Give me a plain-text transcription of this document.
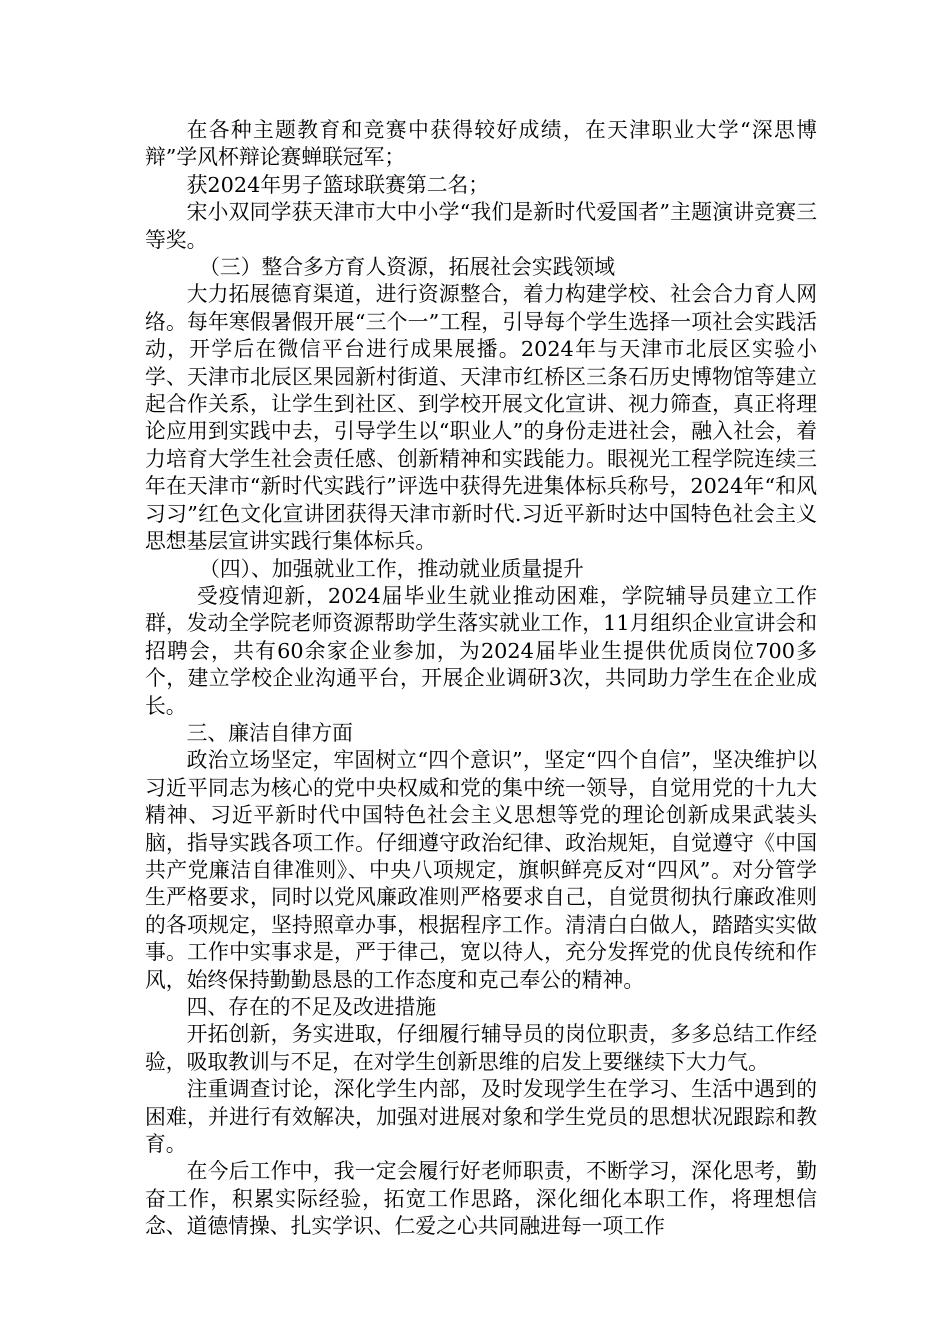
在各种主题教育和竞赛中获得较好成绩，在天津职业大学“深思博辩”学风杯辩论赛蝉联冠军；

获2024年男子篮球联赛第二名；

宋小双同学获天津市大中小学“我们是新时代爱国者”主题演讲竞赛三等奖。

（三）整合多方育人资源，拓展社会实践领域

大力拓展德育渠道，进行资源整合，着力构建学校、社会合力育人网络。每年寒假暑假开展“三个一”工程，引导每个学生选择一项社会实践活动，开学后在微信平台进行成果展播。2024年与天津市北辰区实验小学、天津市北辰区果园新村街道、天津市红桥区三条石历史博物馆等建立起合作关系，让学生到社区、到学校开展文化宣讲、视力筛查，真正将理论应用到实践中去，引导学生以“职业人”的身份走进社会，融入社会，着力培育大学生社会责任感、创新精神和实践能力。眼视光工程学院连续三年在天津市“新时代实践行”评选中获得先进集体标兵称号，2024年“和风习习”红色文化宣讲团获得天津市新时代.习近平新时达中国特色社会主义思想基层宣讲实践行集体标兵。

（四）、加强就业工作，推动就业质量提升

受疫情迎新，2024届毕业生就业推动困难，学院辅导员建立工作群，发动全学院老师资源帮助学生落实就业工作，11月组织企业宣讲会和招聘会，共有60余家企业参加，为2024届毕业生提供优质岗位700多个，建立学校企业沟通平台，开展企业调研3次，共同助力学生在企业成长。

三、廉洁自律方面

政治立场坚定，牢固树立“四个意识”，坚定“四个自信”，坚决维护以习近平同志为核心的党中央权威和党的集中统一领导，自觉用党的十九大精神、习近平新时代中国特色社会主义思想等党的理论创新成果武装头脑，指导实践各项工作。仔细遵守政治纪律、政治规矩，自觉遵守《中国共产党廉洁自律准则》、中央八项规定，旗帜鲜亮反对“四风”。对分管学生严格要求，同时以党风廉政准则严格要求自己，自觉贯彻执行廉政准则的各项规定，坚持照章办事，根据程序工作。清清白白做人，踏踏实实做事。工作中实事求是，严于律己，宽以待人，充分发挥党的优良传统和作风，始终保持勤勤恳恳的工作态度和克己奉公的精神。

四、存在的不足及改进措施

开拓创新，务实进取，仔细履行辅导员的岗位职责，多多总结工作经验，吸取教训与不足，在对学生创新思维的启发上要继续下大力气。

注重调查讨论，深化学生内部，及时发现学生在学习、生活中遇到的困难，并进行有效解决，加强对进展对象和学生党员的思想状况跟踪和教育。

在今后工作中，我一定会履行好老师职责，不断学习，深化思考，勤奋工作，积累实际经验，拓宽工作思路，深化细化本职工作，将理想信念、道德情操、扎实学识、仁爱之心共同融进每一项工作
